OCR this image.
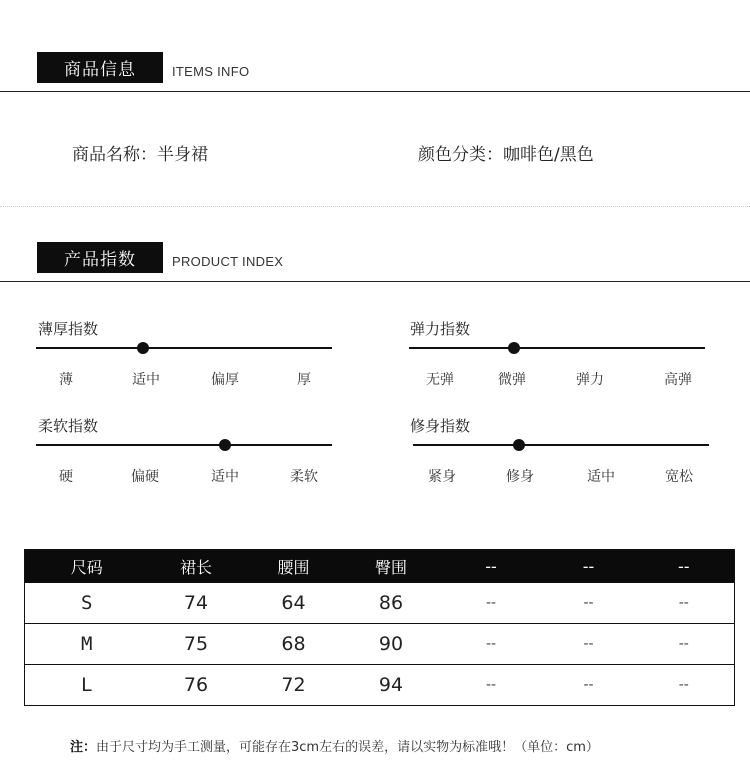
商品信息	ITEMS INFO
商品名称：半身裙	颜色分类：咖啡色/黑色
产品指数	PRODUCT INDEX
薄厚指数
薄	适中	偏厚	厚
弹力指数
无弹	微弹	弹力	高弹
柔软指数
硬	偏硬	适中	柔软
修身指数
紧身	修身	适中	宽松
尺码	裙长	腰围	臀围	--	--	--
S	74	64	86	--	--	--
M	75	68	90	--	--	--
L	76	72	94	--	--	--
注：由于尺寸均为手工测量，可能存在3cm左右的误差，请以实物为标准哦！（单位：cm）
